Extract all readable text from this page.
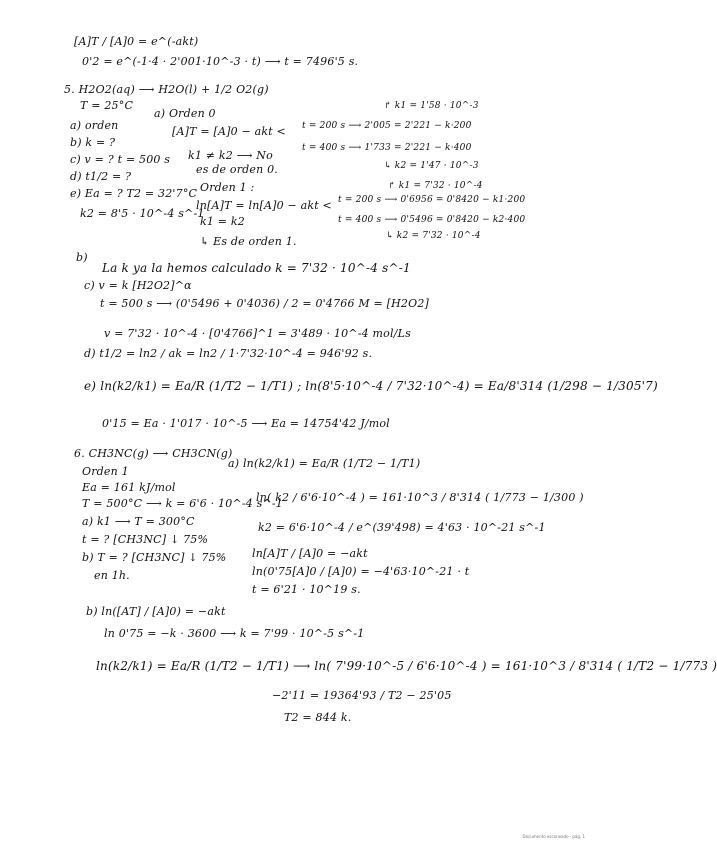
[A]T / [A]0 = e^(-akt)
0'2 = e^(-1·4 · 2'001·10^-3 · t) ⟶ t = 7496'5 s.
5. H2O2(aq) ⟶ H2O(l) + 1/2 O2(g)
T = 25°C
a) Orden 0
↱ k1 = 1'58 · 10^-3
a) orden	[A]T = [A]0 − akt < t = 200 s ⟶ 2'005 = 2'221 − k·200
b) k = ?	t = 400 s ⟶ 1'733 = 2'221 − k·400
k1 ≠ k2 ⟶ No
c) v = ? t = 500 s
es de orden 0.	↳ k2 = 1'47 · 10^-3
d) t1/2 = ?
Orden 1 :	↱ k1 = 7'32 · 10^-4
e) Ea = ? T2 = 32'7°C
ln[A]T = ln[A]0 − akt < t = 200 s ⟶ 0'6956 = 0'8420 − k1·200
k2 = 8'5 · 10^-4 s^-1
k1 = k2	t = 400 s ⟶ 0'5496 = 0'8420 − k2·400
↳ k2 = 7'32 · 10^-4
↳ Es de orden 1.
b)
La k ya la hemos calculado k = 7'32 · 10^-4 s^-1
c) v = k [H2O2]^α
t = 500 s ⟶ (0'5496 + 0'4036) / 2 = 0'4766 M = [H2O2]
v = 7'32 · 10^-4 · [0'4766]^1 = 3'489 · 10^-4 mol/Ls
d) t1/2 = ln2 / ak = ln2 / 1·7'32·10^-4 = 946'92 s.
e) ln(k2/k1) = Ea/R (1/T2 − 1/T1) ; ln(8'5·10^-4 / 7'32·10^-4) = Ea/8'314 (1/298 − 1/305'7)
0'15 = Ea · 1'017 · 10^-5 ⟶ Ea = 14754'42 J/mol
6. CH3NC(g) ⟶ CH3CN(g)
a) ln(k2/k1) = Ea/R (1/T2 − 1/T1)
Orden 1
Ea = 161 kJ/mol
ln( k2 / 6'6·10^-4 ) = 161·10^3 / 8'314 ( 1/773 − 1/300 )
T = 500°C ⟶ k = 6'6 · 10^-4 s^-1
a) k1 ⟶ T = 300°C	k2 = 6'6·10^-4 / e^(39'498) = 4'63 · 10^-21 s^-1
t = ? [CH3NC] ↓ 75%
ln[A]T / [A]0 = −akt
b) T = ? [CH3NC] ↓ 75%
ln(0'75[A]0 / [A]0) = −4'63·10^-21 · t
en 1h.
t = 6'21 · 10^19 s.
b) ln([AT] / [A]0) = −akt
ln 0'75 = −k · 3600 ⟶ k = 7'99 · 10^-5 s^-1
ln(k2/k1) = Ea/R (1/T2 − 1/T1) ⟶ ln( 7'99·10^-5 / 6'6·10^-4 ) = 161·10^3 / 8'314 ( 1/T2 − 1/773 )
−2'11 = 19364'93 / T2 − 25'05
T2 = 844 k.
Documento escaneado · pág. 1
